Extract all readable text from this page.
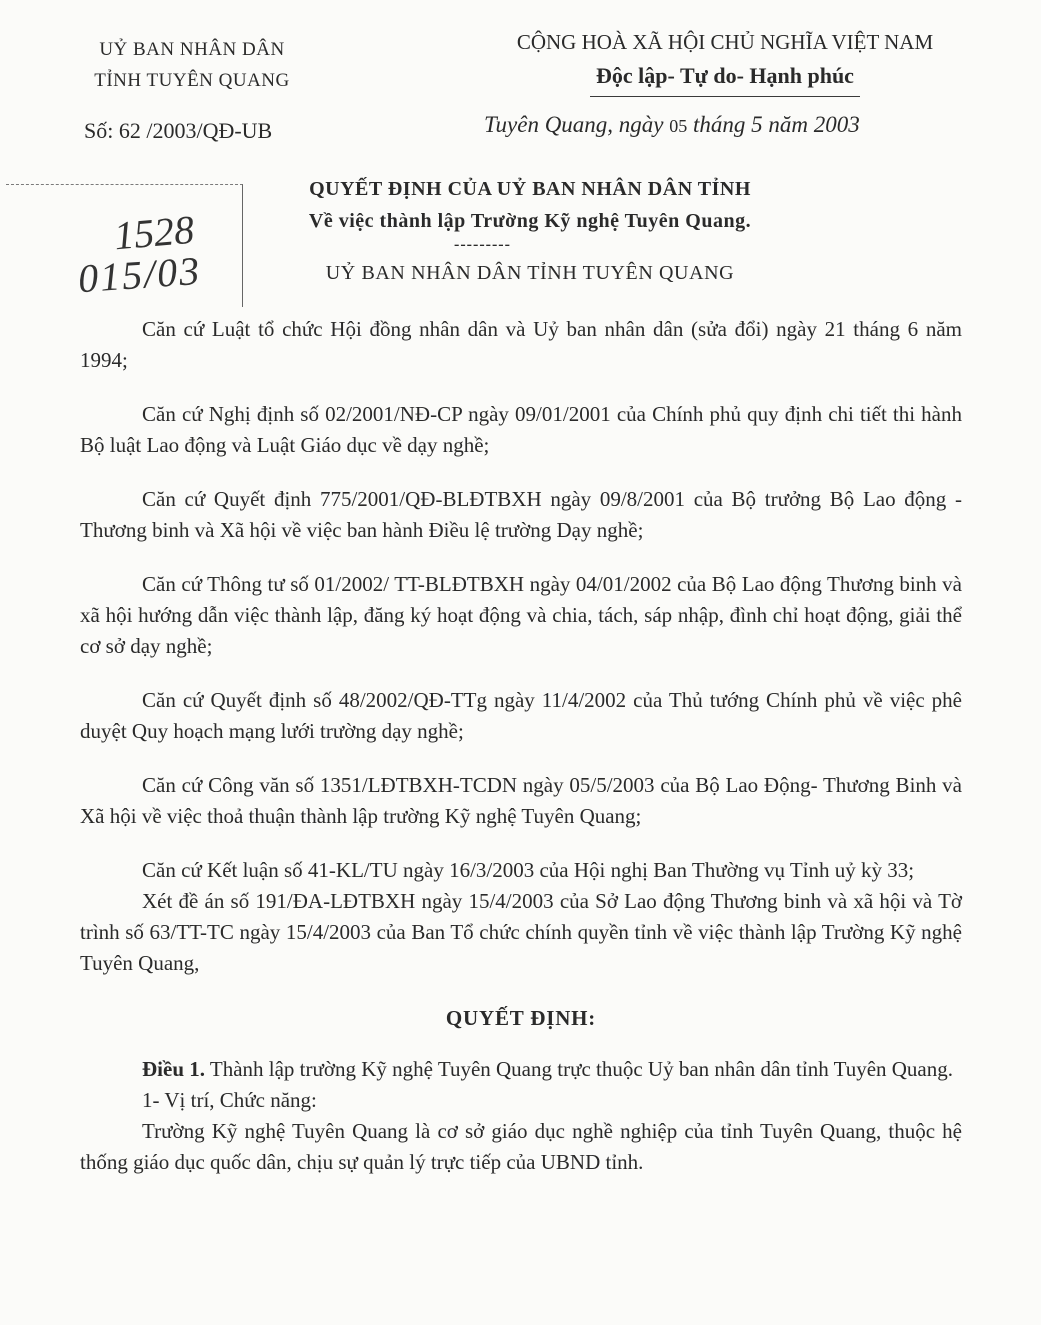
UỶ BAN NHÂN DÂN
TỈNH TUYÊN QUANG
CỘNG HOÀ XÃ HỘI CHỦ NGHĨA VIỆT NAM
Độc lập- Tự do- Hạnh phúc
Số: 62 /2003/QĐ-UB	Tuyên Quang, ngày 05 tháng 5 năm 2003
1528
015/03
QUYẾT ĐỊNH CỦA UỶ BAN NHÂN DÂN TỈNH
Về việc thành lập Trường Kỹ nghệ Tuyên Quang.
---------
UỶ BAN NHÂN DÂN TỈNH TUYÊN QUANG

Căn cứ Luật tổ chức Hội đồng nhân dân và Uỷ ban nhân dân (sửa đổi) ngày 21 tháng 6 năm 1994;

Căn cứ Nghị định số 02/2001/NĐ-CP ngày 09/01/2001 của Chính phủ quy định chi tiết thi hành Bộ luật Lao động và Luật Giáo dục về dạy nghề;

Căn cứ Quyết định 775/2001/QĐ-BLĐTBXH ngày 09/8/2001 của Bộ trưởng Bộ Lao động - Thương binh và Xã hội về việc ban hành Điều lệ trường Dạy nghề;

Căn cứ Thông tư số 01/2002/ TT-BLĐTBXH ngày 04/01/2002 của Bộ Lao động Thương binh và xã hội hướng dẫn việc thành lập, đăng ký hoạt động và chia, tách, sáp nhập, đình chỉ hoạt động, giải thể cơ sở dạy nghề;

Căn cứ Quyết định số 48/2002/QĐ-TTg ngày 11/4/2002 của Thủ tướng Chính phủ về việc phê duyệt Quy hoạch mạng lưới trường dạy nghề;

Căn cứ Công văn số 1351/LĐTBXH-TCDN ngày 05/5/2003 của Bộ Lao Động- Thương Binh và Xã hội về việc thoả thuận thành lập trường Kỹ nghệ Tuyên Quang;

Căn cứ Kết luận số 41-KL/TU ngày 16/3/2003 của Hội nghị Ban Thường vụ Tỉnh uỷ kỳ 33;

Xét đề án số 191/ĐA-LĐTBXH ngày 15/4/2003 của Sở Lao động Thương binh và xã hội và Tờ trình số 63/TT-TC ngày 15/4/2003 của Ban Tổ chức chính quyền tỉnh về việc thành lập Trường Kỹ nghệ Tuyên Quang,

QUYẾT ĐỊNH:

Điều 1. Thành lập trường Kỹ nghệ Tuyên Quang trực thuộc Uỷ ban nhân dân tỉnh Tuyên Quang.

1- Vị trí, Chức năng:

Trường Kỹ nghệ Tuyên Quang là cơ sở giáo dục nghề nghiệp của tỉnh Tuyên Quang, thuộc hệ thống giáo dục quốc dân, chịu sự quản lý trực tiếp của UBND tỉnh.
